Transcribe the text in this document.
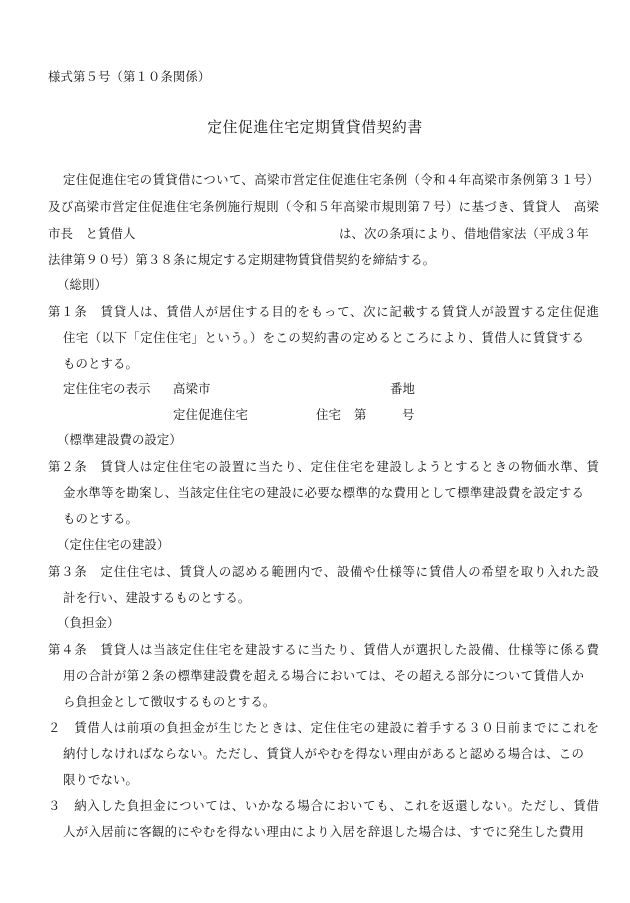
様式第５号（第１０条関係）
定住促進住宅定期賃貸借契約書
定住促進住宅の賃貸借について、高梁市営定住促進住宅条例（令和４年高梁市条例第３１号）
及び高梁市営定住促進住宅条例施行規則（令和５年高梁市規則第７号）に基づき、賃貸人　高梁
市長　と賃借人	は、次の条項により、借地借家法（平成３年
法律第９０号）第３８条に規定する定期建物賃貸借契約を締結する。
（総則）
第１条　賃貸人は、賃借人が居住する目的をもって、次に記載する賃貸人が設置する定住促進
住宅（以下「定住住宅」という。）をこの契約書の定めるところにより、賃借人に賃貸する
ものとする。
定住住宅の表示 高梁市	番地
定住促進住宅	住宅 第	号
（標準建設費の設定）
第２条　賃貸人は定住住宅の設置に当たり、定住住宅を建設しようとするときの物価水準、賃
金水準等を勘案し、当該定住住宅の建設に必要な標準的な費用として標準建設費を設定する
ものとする。
（定住住宅の建設）
第３条　定住住宅は、賃貸人の認める範囲内で、設備や仕様等に賃借人の希望を取り入れた設
計を行い、建設するものとする。
（負担金）
第４条　賃貸人は当該定住住宅を建設するに当たり、賃借人が選択した設備、仕様等に係る費
用の合計が第２条の標準建設費を超える場合においては、その超える部分について賃借人か
ら負担金として徴収するものとする。
２　賃借人は前項の負担金が生じたときは、定住住宅の建設に着手する３０日前までにこれを
納付しなければならない。ただし、賃貸人がやむを得ない理由があると認める場合は、この
限りでない。
３　納入した負担金については、いかなる場合においても、これを返還しない。ただし、賃借
人が入居前に客観的にやむを得ない理由により入居を辞退した場合は、すでに発生した費用
